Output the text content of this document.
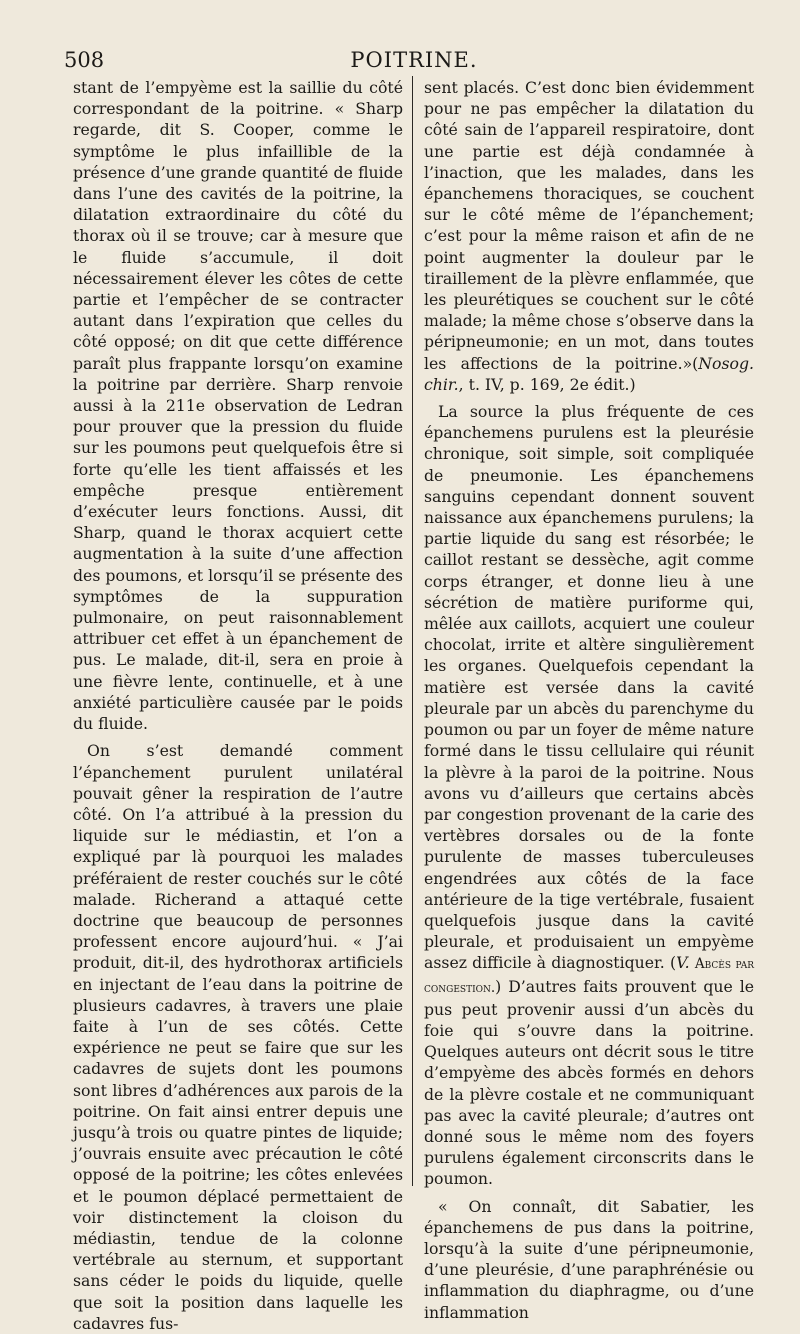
508	POITRINE.

stant de l’empyème est la saillie du côté correspondant de la poitrine. « Sharp regarde, dit S. Cooper, comme le symptôme le plus infaillible de la présence d’une grande quantité de fluide dans l’une des cavités de la poitrine, la dilatation extraordinaire du côté du thorax où il se trouve; car à mesure que le fluide s’accumule, il doit nécessairement élever les côtes de cette partie et l’empêcher de se contracter autant dans l’expiration que celles du côté opposé; on dit que cette différence paraît plus frappante lorsqu’on examine la poitrine par derrière. Sharp renvoie aussi à la 211e observation de Ledran pour prouver que la pression du fluide sur les poumons peut quelquefois être si forte qu’elle les tient affaissés et les empêche presque entièrement d’exécuter leurs fonctions. Aussi, dit Sharp, quand le thorax acquiert cette augmentation à la suite d’une affection des poumons, et lorsqu’il se présente des symptômes de la suppuration pulmonaire, on peut raisonnablement attribuer cet effet à un épanchement de pus. Le malade, dit-il, sera en proie à une fièvre lente, continuelle, et à une anxiété particulière causée par le poids du fluide.

On s’est demandé comment l’épanchement purulent unilatéral pouvait gêner la respiration de l’autre côté. On l’a attribué à la pression du liquide sur le médiastin, et l’on a expliqué par là pourquoi les malades préféraient de rester couchés sur le côté malade. Richerand a attaqué cette doctrine que beaucoup de personnes professent encore aujourd’hui. « J’ai produit, dit-il, des hydrothorax artificiels en injectant de l’eau dans la poitrine de plusieurs cadavres, à travers une plaie faite à l’un de ses côtés. Cette expérience ne peut se faire que sur les cadavres de sujets dont les poumons sont libres d’adhérences aux parois de la poitrine. On fait ainsi entrer depuis une jusqu’à trois ou quatre pintes de liquide; j’ouvrais ensuite avec précaution le côté opposé de la poitrine; les côtes enlevées et le poumon déplacé permettaient de voir distinctement la cloison du médiastin, tendue de la colonne vertébrale au sternum, et supportant sans céder le poids du liquide, quelle que soit la position dans laquelle les cadavres fus-

sent placés. C’est donc bien évidemment pour ne pas empêcher la dilatation du côté sain de l’appareil respiratoire, dont une partie est déjà condamnée à l’inaction, que les malades, dans les épanchemens thoraciques, se couchent sur le côté même de l’épanchement; c’est pour la même raison et afin de ne point augmenter la douleur par le tiraillement de la plèvre enflammée, que les pleurétiques se couchent sur le côté malade; la même chose s’observe dans la péripneumonie; en un mot, dans toutes les affections de la poitrine.»(Nosog. chir., t. IV, p. 169, 2e édit.)

La source la plus fréquente de ces épanchemens purulens est la pleurésie chronique, soit simple, soit compliquée de pneumonie. Les épanchemens sanguins cependant donnent souvent naissance aux épanchemens purulens; la partie liquide du sang est résorbée; le caillot restant se dessèche, agit comme corps étranger, et donne lieu à une sécrétion de matière puriforme qui, mêlée aux caillots, acquiert une couleur chocolat, irrite et altère singulièrement les organes. Quelquefois cependant la matière est versée dans la cavité pleurale par un abcès du parenchyme du poumon ou par un foyer de même nature formé dans le tissu cellulaire qui réunit la plèvre à la paroi de la poitrine. Nous avons vu d’ailleurs que certains abcès par congestion provenant de la carie des vertèbres dorsales ou de la fonte purulente de masses tuberculeuses engendrées aux côtés de la face antérieure de la tige vertébrale, fusaient quelquefois jusque dans la cavité pleurale, et produisaient un empyème assez difficile à diagnostiquer. (V. Abcès par congestion.) D’autres faits prouvent que le pus peut provenir aussi d’un abcès du foie qui s’ouvre dans la poitrine. Quelques auteurs ont décrit sous le titre d’empyème des abcès formés en dehors de la plèvre costale et ne communiquant pas avec la cavité pleurale; d’autres ont donné sous le même nom des foyers purulens également circonscrits dans le poumon.

« On connaît, dit Sabatier, les épanchemens de pus dans la poitrine, lorsqu’à la suite d’une péripneumonie, d’une pleurésie, d’une paraphrénésie ou inflammation du diaphragme, ou d’une inflammation
